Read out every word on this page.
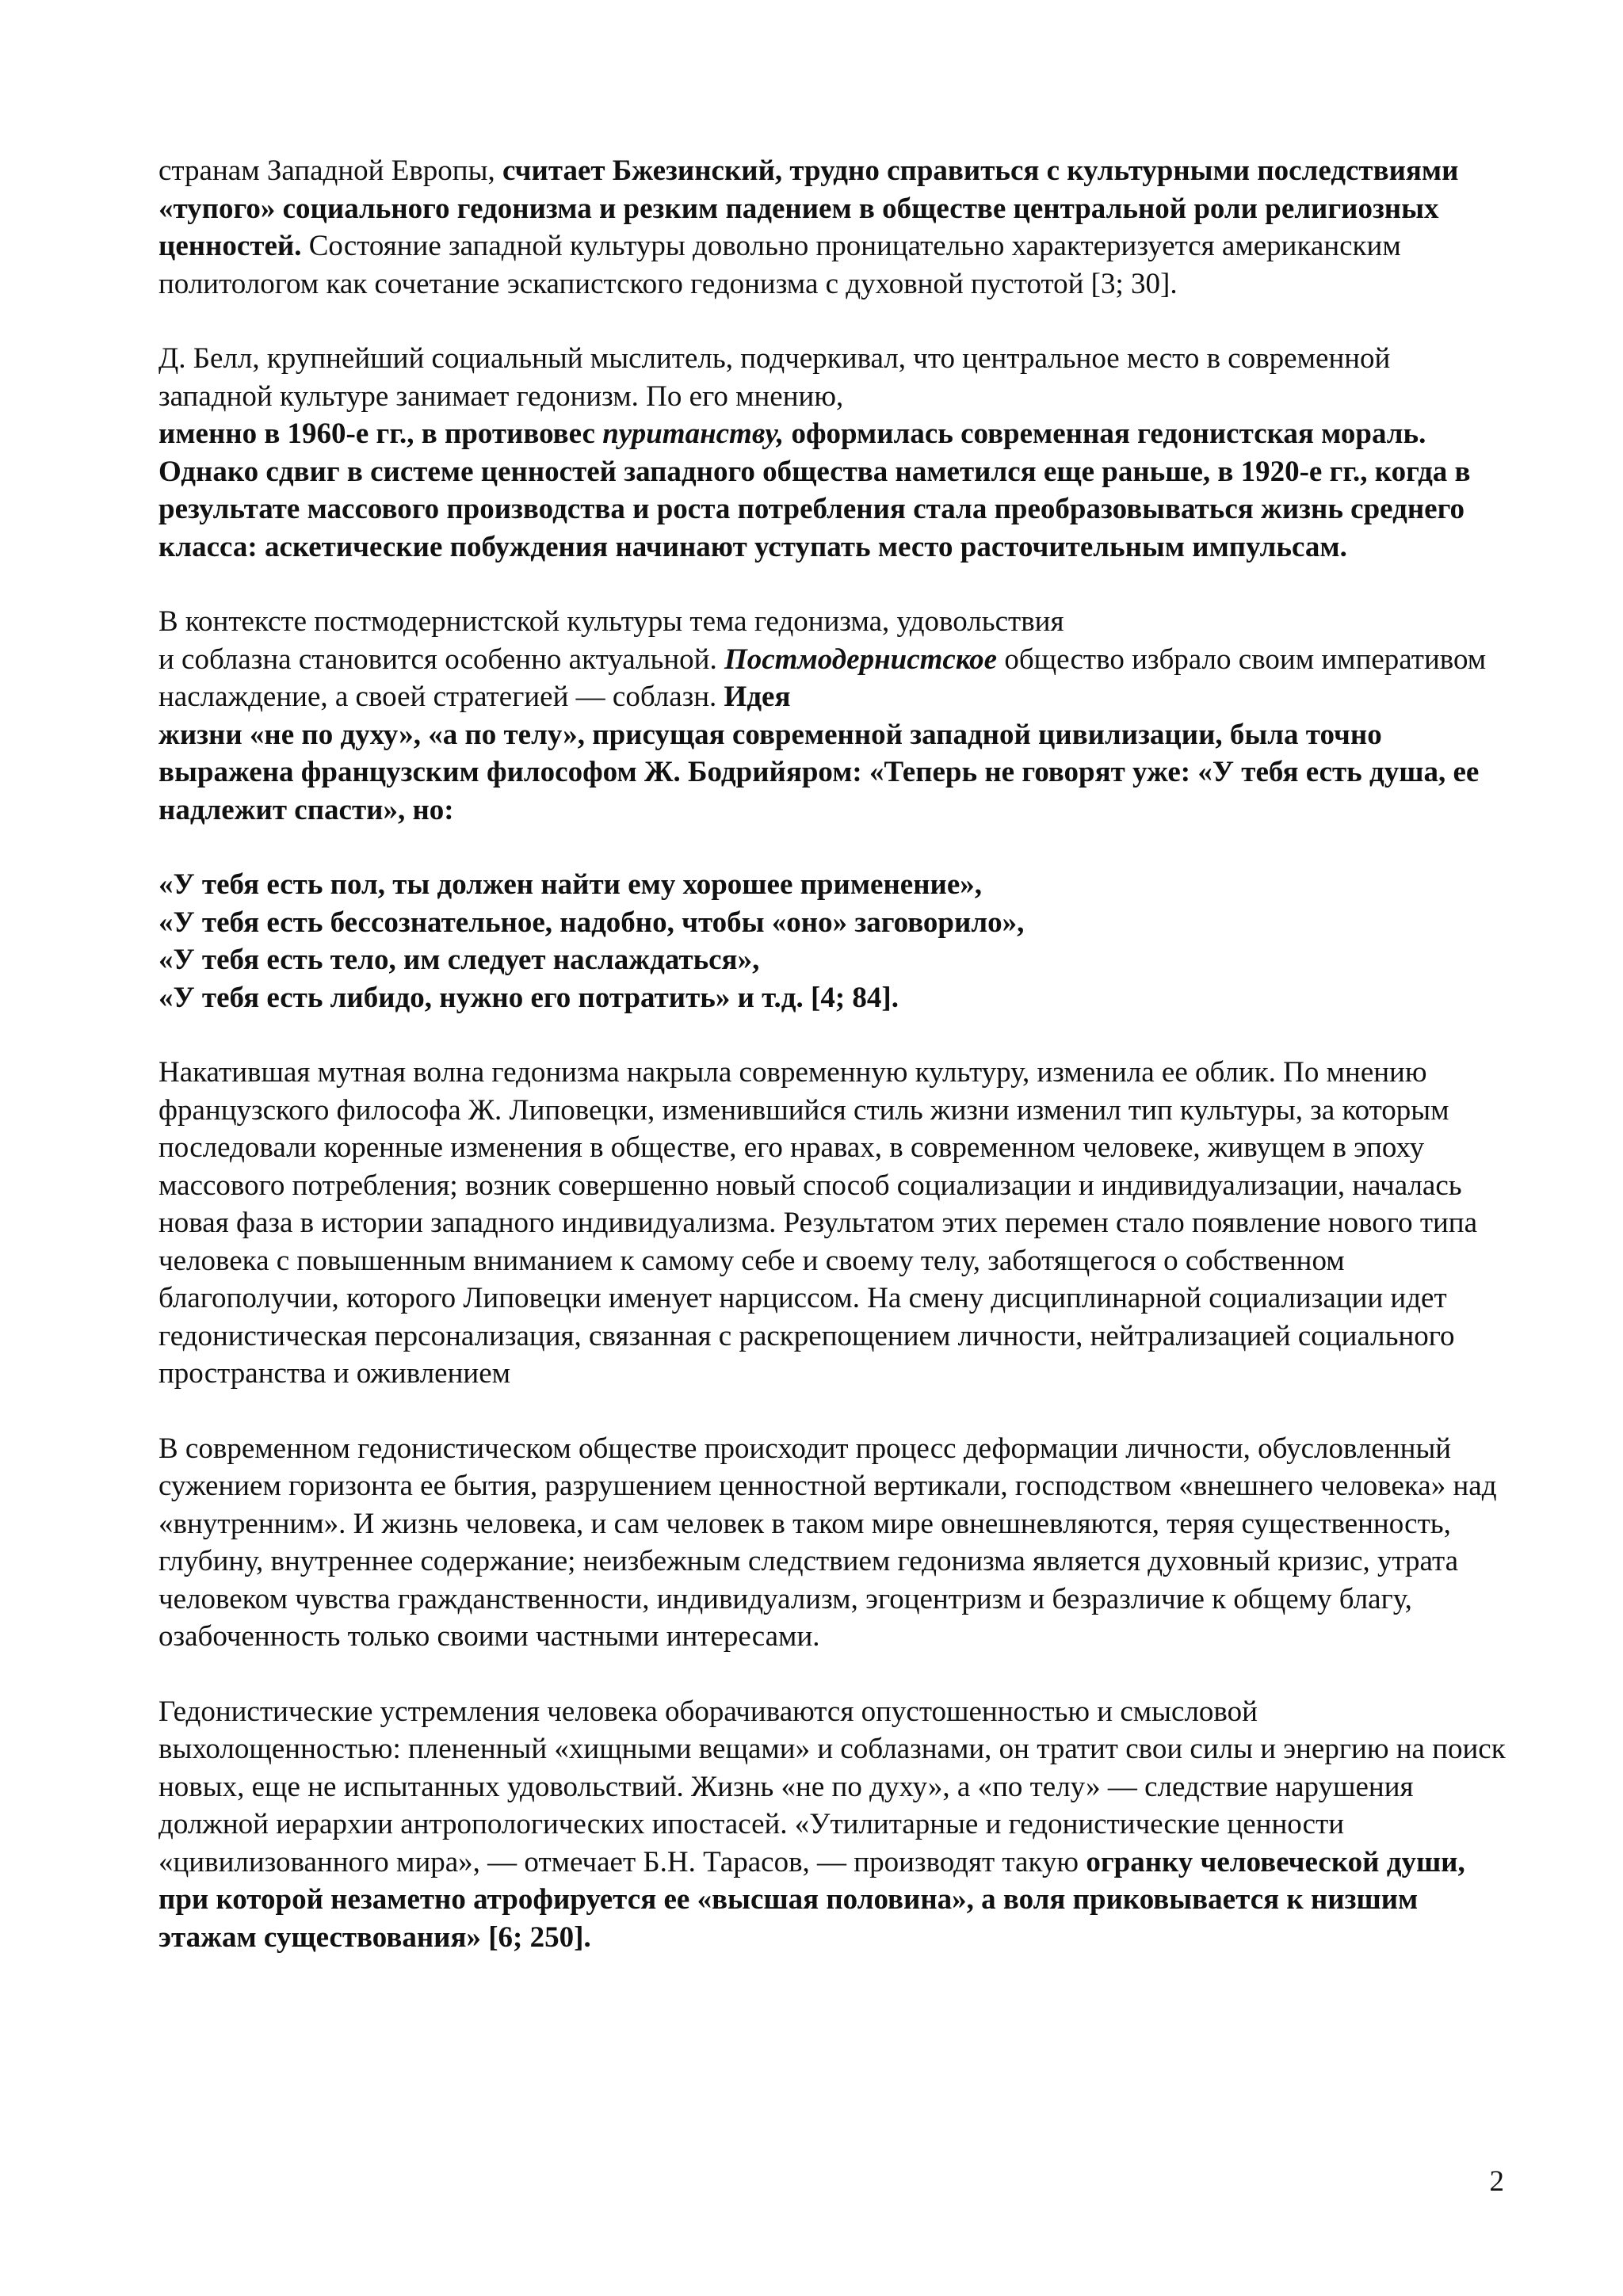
странам Западной Европы, считает Бжезинский, трудно справиться с культурными последствиями «тупого» социального гедонизма и резким падением в обществе центральной роли религиозных ценностей. Состояние западной культуры довольно проницательно характеризуется американским политологом как сочетание эскапистского гедонизма с духовной пустотой [3; 30].

Д. Белл, крупнейший социальный мыслитель, подчеркивал, что центральное место в современной западной культуре занимает гедонизм. По его мнению,
именно в 1960-е гг., в противовес пуританству, оформилась современная гедонистская мораль. Однако сдвиг в системе ценностей западного общества наметился еще раньше, в 1920-е гг., когда в результате массового производства и роста потребления стала преобразовываться жизнь среднего класса: аскетические побуждения начинают уступать место расточительным импульсам.

В контексте постмодернистской культуры тема гедонизма, удовольствия
и соблазна становится особенно актуальной. Постмодернистское общество избрало своим императивом наслаждение, а своей стратегией — соблазн. Идея
жизни «не по духу», «а по телу», присущая современной западной цивилизации, была точно выражена французским философом Ж. Бодрийяром: «Теперь не говорят уже: «У тебя есть душа, ее надлежит спасти», но:

«У тебя есть пол, ты должен найти ему хорошее применение»,
«У тебя есть бессознательное, надобно, чтобы «оно» заговорило»,
«У тебя есть тело, им следует наслаждаться»,
«У тебя есть либидо, нужно его потратить» и т.д. [4; 84].

Накатившая мутная волна гедонизма накрыла современную культуру, изменила ее облик. По мнению французского философа Ж. Липовецки, изменившийся стиль жизни изменил тип культуры, за которым последовали коренные изменения в обществе, его нравах, в современном человеке, живущем в эпоху массового потребления; возник совершенно новый способ социализации и индивидуализации, началась новая фаза в истории западного индивидуализма. Результатом этих перемен стало появление нового типа человека с повышенным вниманием к самому себе и своему телу, заботящегося о собственном благополучии, которого Липовецки именует нарциссом. На смену дисциплинарной социализации идет гедонистическая персонализация, связанная с раскрепощением личности, нейтрализацией социального пространства и оживлением

В современном гедонистическом обществе происходит процесс деформации личности, обусловленный сужением горизонта ее бытия, разрушением ценностной вертикали, господством «внешнего человека» над «внутренним». И жизнь человека, и сам человек в таком мире овнешневляются, теряя существенность, глубину, внутреннее содержание; неизбежным следствием гедонизма является духовный кризис, утрата человеком чувства гражданственности, индивидуализм, эгоцентризм и безразличие к общему благу, озабоченность только своими частными интересами.

Гедонистические устремления человека оборачиваются опустошенностью и смысловой выхолощенностью: плененный «хищными вещами» и соблазнами, он тратит свои силы и энергию на поиск новых, еще не испытанных удовольствий. Жизнь «не по духу», а «по телу» — следствие нарушения должной иерархии антропологических ипостасей. «Утилитарные и гедонистические ценности «цивилизованного мира», — отмечает Б.Н. Тарасов, — производят такую огранку человеческой души, при которой незаметно атрофируется ее «высшая половина», а воля приковывается к низшим этажам существования» [6; 250].

2
